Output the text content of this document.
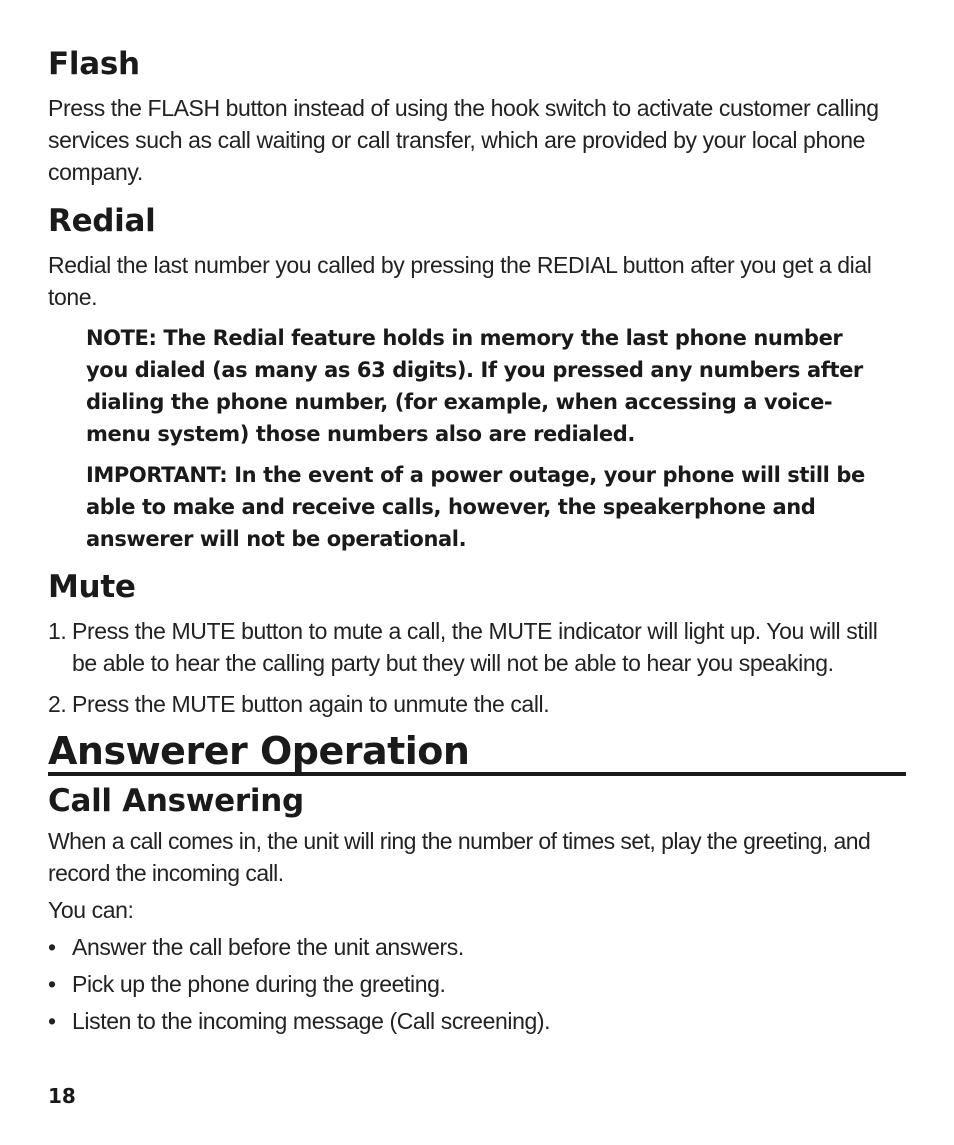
Flash

Press the FLASH button instead of using the hook switch to activate customer calling services such as call waiting or call transfer, which are provided by your local phone company.

Redial

Redial the last number you called by pressing the REDIAL button after you get a dial tone.

NOTE: The Redial feature holds in memory the last phone number you dialed (as many as 63 digits). If you pressed any numbers after dialing the phone number, (for example, when accessing a voice-menu system) those numbers also are redialed.

IMPORTANT: In the event of a power outage, your phone will still be able to make and receive calls, however, the speakerphone and answerer will not be operational.

Mute
1. Press the MUTE button to mute a call, the MUTE indicator will light up. You will still be able to hear the calling party but they will not be able to hear you speaking.
2. Press the MUTE button again to unmute the call.
Answerer Operation
Call Answering

When a call comes in, the unit will ring the number of times set, play the greeting, and record the incoming call.

You can:

• Answer the call before the unit answers.
• Pick up the phone during the greeting.
• Listen to the incoming message (Call screening).
18
